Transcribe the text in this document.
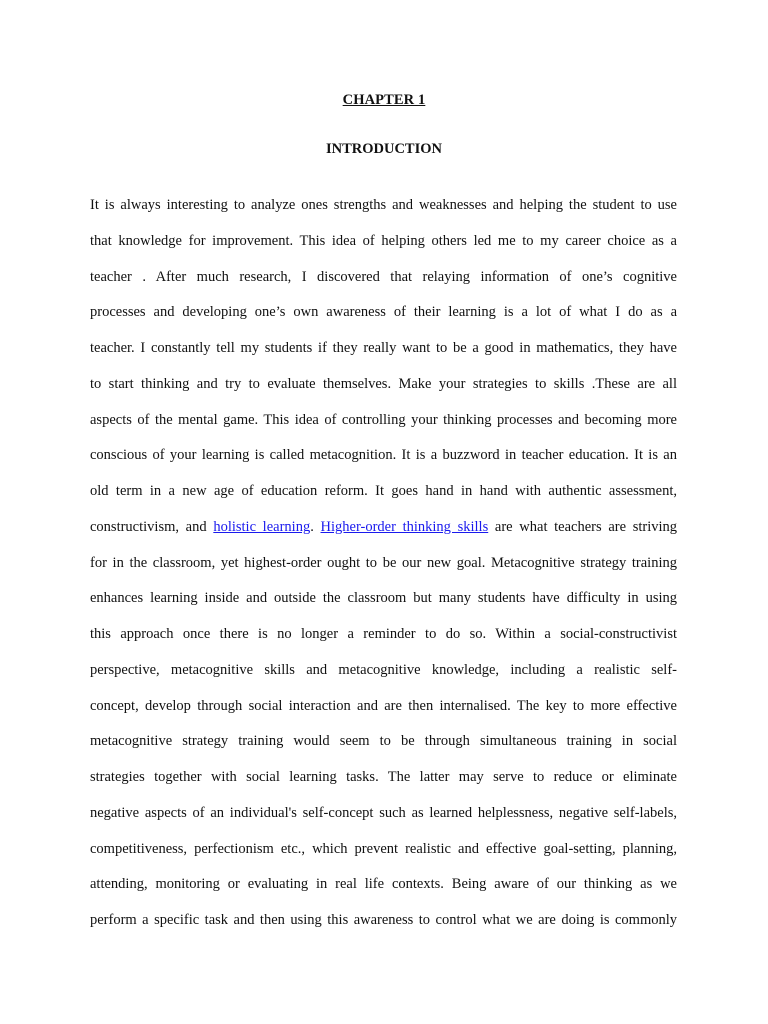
CHAPTER 1
INTRODUCTION
It is always interesting to analyze ones strengths and weaknesses and helping the student to use
that knowledge for improvement. This idea of helping others led me to my career choice as a
teacher . After much research, I discovered that relaying information of one’s cognitive
processes and developing one’s own awareness of their learning is a lot of what I do as a
teacher. I constantly tell my students if they really want to be a good in mathematics, they have
to start thinking and try to evaluate themselves. Make your strategies to skills .These are all
aspects of the mental game. This idea of controlling your thinking processes and becoming more
conscious of your learning is called metacognition. It is a buzzword in teacher education. It is an
old term in a new age of education reform. It goes hand in hand with authentic assessment,
constructivism, and holistic learning. Higher-order thinking skills are what teachers are striving
for in the classroom, yet highest-order ought to be our new goal. Metacognitive strategy training
enhances learning inside and outside the classroom but many students have difficulty in using
this approach once there is no longer a reminder to do so. Within a social-constructivist
perspective, metacognitive skills and metacognitive knowledge, including a realistic self-
concept, develop through social interaction and are then internalised. The key to more effective
metacognitive strategy training would seem to be through simultaneous training in social
strategies together with social learning tasks. The latter may serve to reduce or eliminate
negative aspects of an individual's self-concept such as learned helplessness, negative self-labels,
competitiveness, perfectionism etc., which prevent realistic and effective goal-setting, planning,
attending, monitoring or evaluating in real life contexts. Being aware of our thinking as we
perform a specific task and then using this awareness to control what we are doing is commonly
